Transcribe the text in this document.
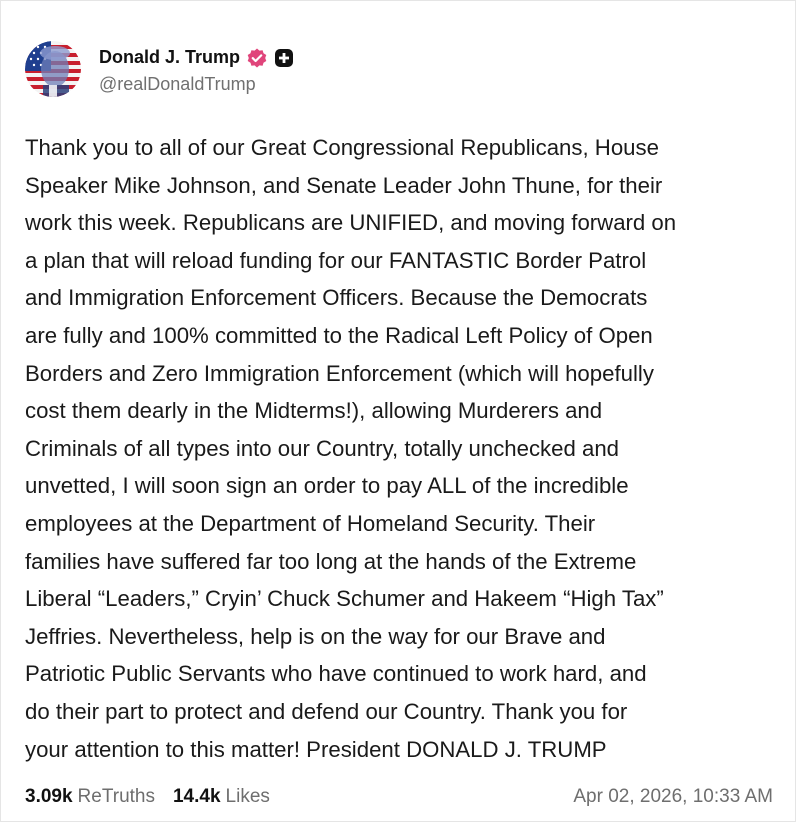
Donald J. Trump
@realDonaldTrump

Thank you to all of our Great Congressional Republicans, House
Speaker Mike Johnson, and Senate Leader John Thune, for their
work this week. Republicans are UNIFIED, and moving forward on
a plan that will reload funding for our FANTASTIC Border Patrol
and Immigration Enforcement Officers. Because the Democrats
are fully and 100% committed to the Radical Left Policy of Open
Borders and Zero Immigration Enforcement (which will hopefully
cost them dearly in the Midterms!), allowing Murderers and
Criminals of all types into our Country, totally unchecked and
unvetted, I will soon sign an order to pay ALL of the incredible
employees at the Department of Homeland Security. Their
families have suffered far too long at the hands of the Extreme
Liberal “Leaders,” Cryin’ Chuck Schumer and Hakeem “High Tax”
Jeffries. Nevertheless, help is on the way for our Brave and
Patriotic Public Servants who have continued to work hard, and
do their part to protect and defend our Country. Thank you for
your attention to this matter! President DONALD J. TRUMP

3.09k ReTruths 14.4k Likes	Apr 02, 2026, 10:33 AM
